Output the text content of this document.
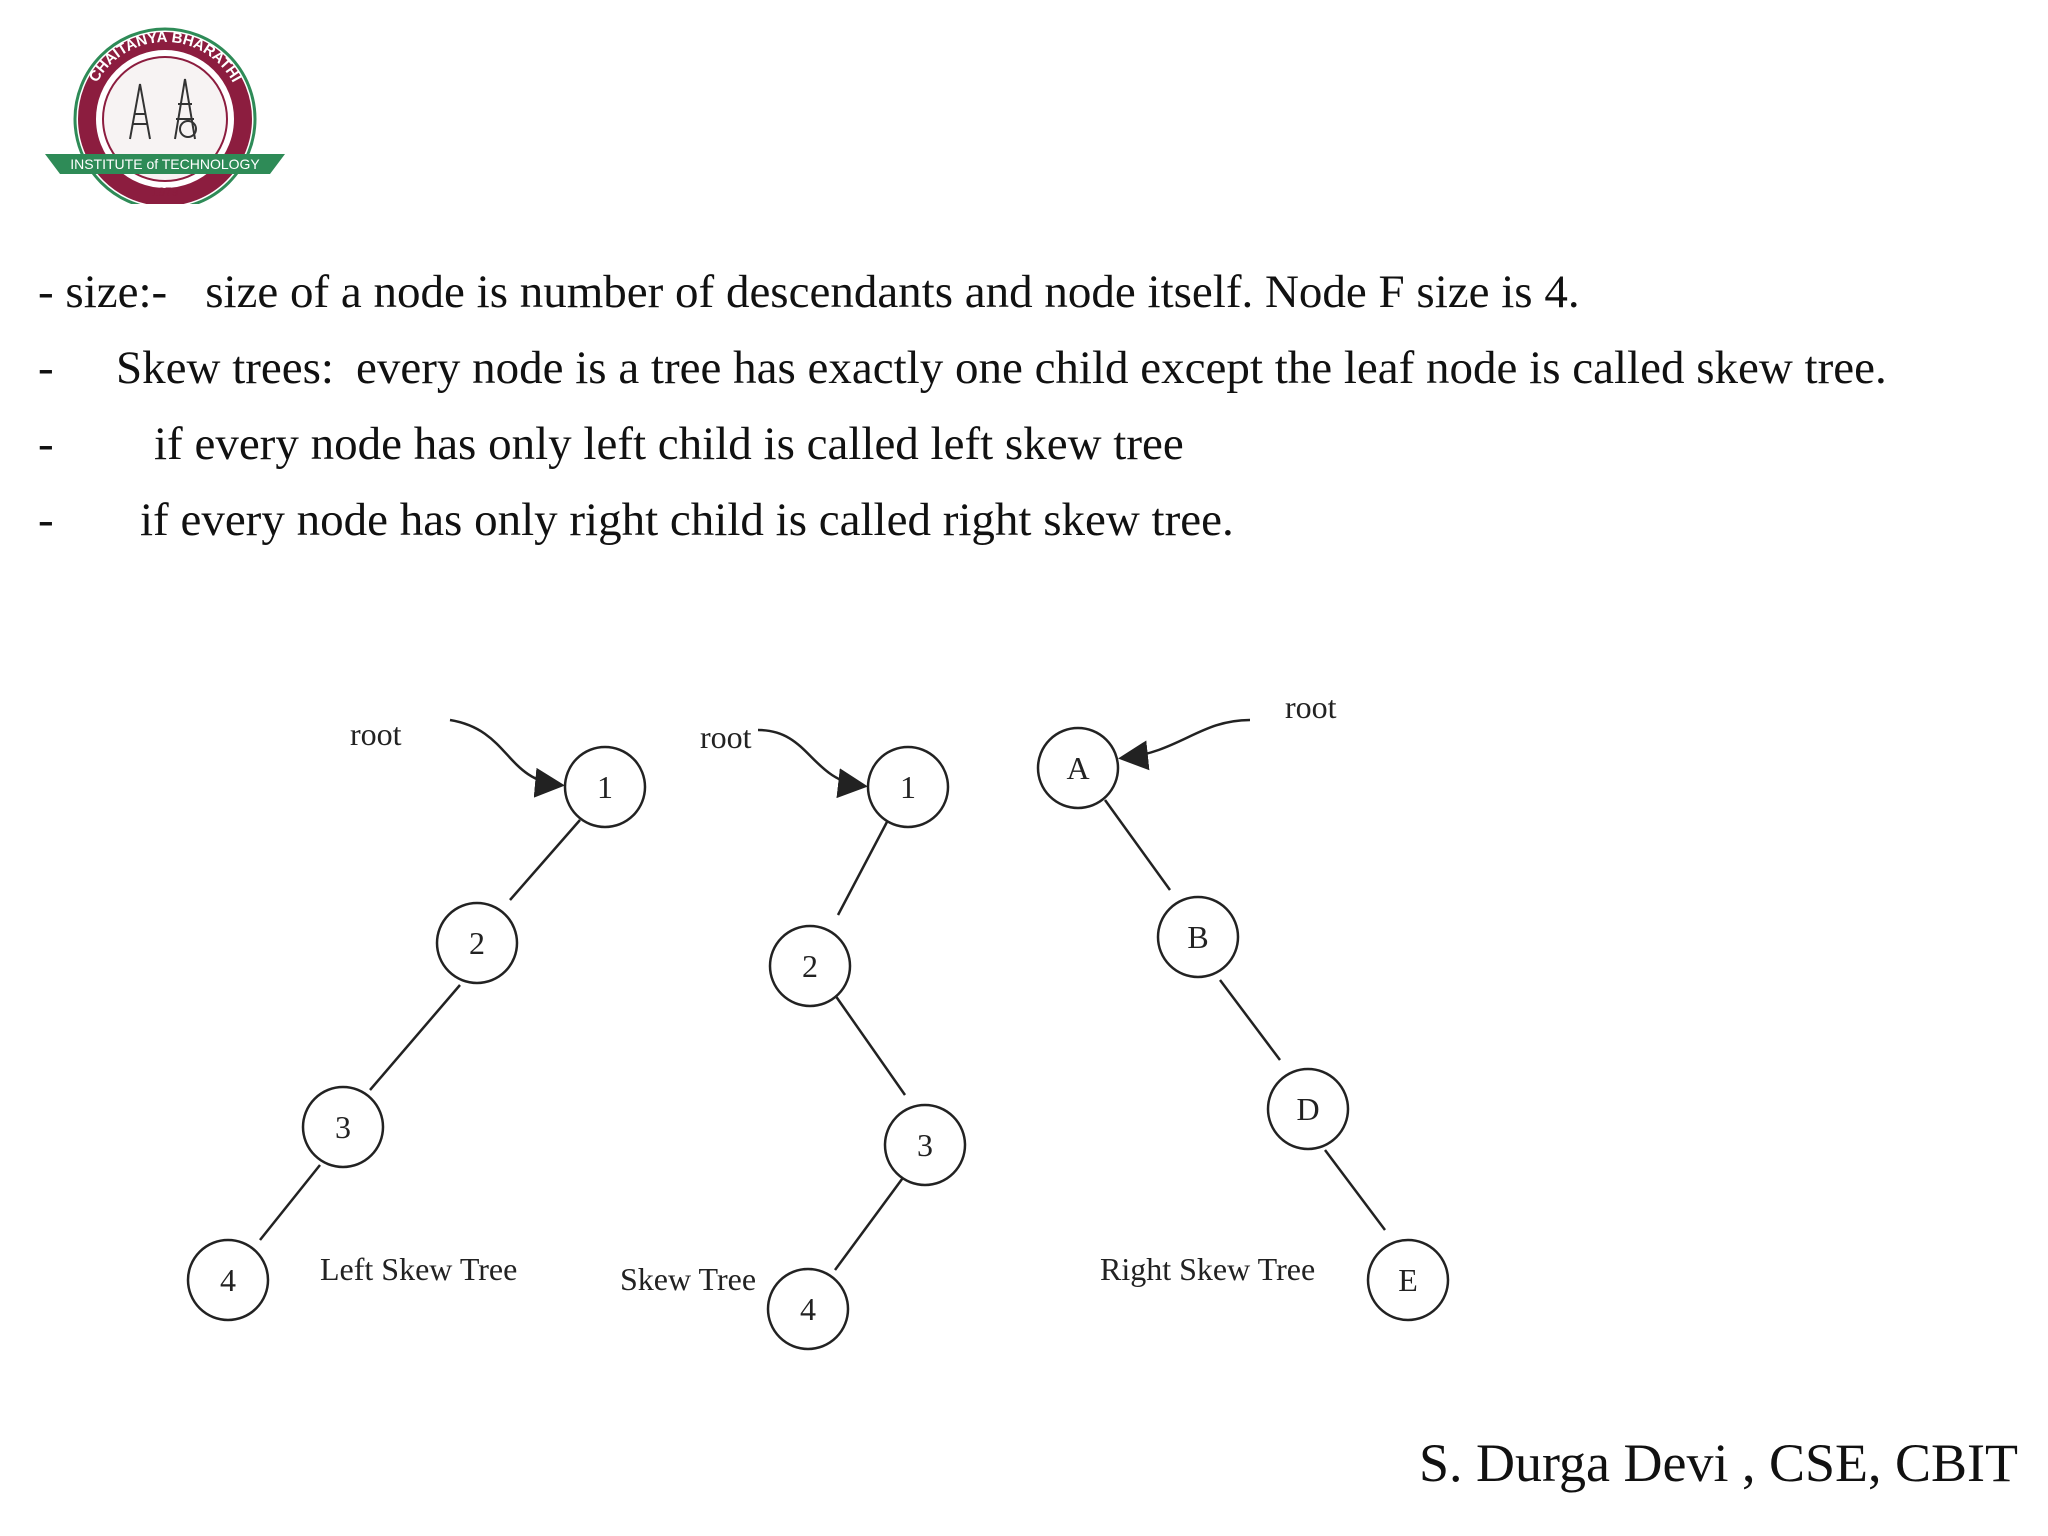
CHAITANYA BHARATHI
INSTITUTE of TECHNOLOGY
1979
- size:- size of a node is number of descendants and node itself. Node F size is 4.
- Skew trees: every node is a tree has exactly one child except the leaf node is called skew tree.
- if every node has only left child is called left skew tree
- if every node has only right child is called right skew tree.
1
2
3
4
root
Left Skew Tree
1
2
3
4
root
Skew Tree
A
B
D
E
root
Right Skew Tree
S. Durga Devi , CSE, CBIT
